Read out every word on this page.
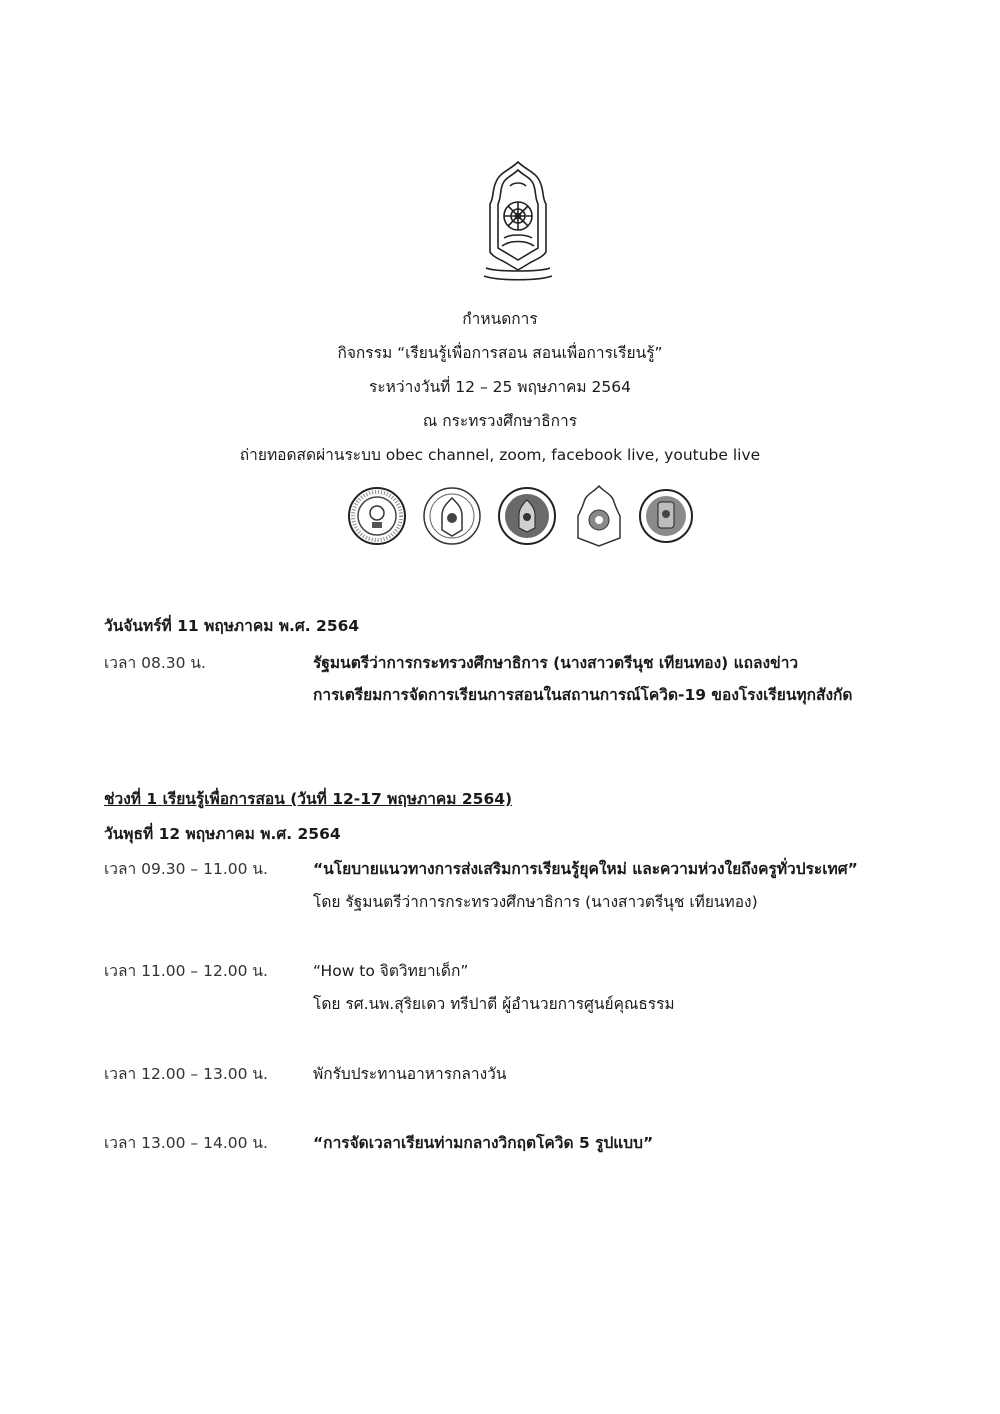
กำหนดการ
กิจกรรม “เรียนรู้เพื่อการสอน สอนเพื่อการเรียนรู้”
ระหว่างวันที่ 12 – 25 พฤษภาคม 2564
ณ กระทรวงศึกษาธิการ
ถ่ายทอดสดผ่านระบบ obec channel, zoom, facebook live, youtube live
วันจันทร์ที่ 11 พฤษภาคม พ.ศ. 2564
เวลา 08.30 น.	รัฐมนตรีว่าการกระทรวงศึกษาธิการ (นางสาวตรีนุช เทียนทอง) แถลงข่าว
การเตรียมการจัดการเรียนการสอนในสถานการณ์โควิด-19 ของโรงเรียนทุกสังกัด
ช่วงที่ 1 เรียนรู้เพื่อการสอน (วันที่ 12-17 พฤษภาคม 2564)
วันพุธที่ 12 พฤษภาคม พ.ศ. 2564
เวลา 09.30 – 11.00 น.	“นโยบายแนวทางการส่งเสริมการเรียนรู้ยุคใหม่ และความห่วงใยถึงครูทั่วประเทศ”
โดย รัฐมนตรีว่าการกระทรวงศึกษาธิการ (นางสาวตรีนุช เทียนทอง)
เวลา 11.00 – 12.00 น.	“How to จิตวิทยาเด็ก”
โดย รศ.นพ.สุริยเดว ทรีปาตี ผู้อำนวยการศูนย์คุณธรรม
เวลา 12.00 – 13.00 น.	พักรับประทานอาหารกลางวัน
เวลา 13.00 – 14.00 น.	“การจัดเวลาเรียนท่ามกลางวิกฤตโควิด 5 รูปแบบ”
